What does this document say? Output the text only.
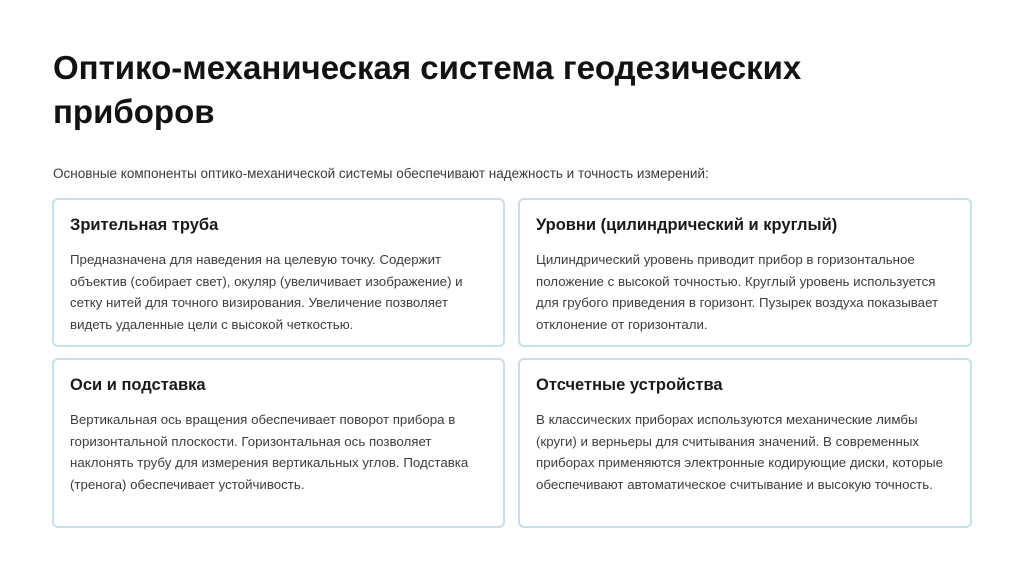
Оптико-механическая система геодезических приборов

Основные компоненты оптико-механической системы обеспечивают надежность и точность измерений:

Зрительная труба

Предназначена для наведения на целевую точку. Содержит объектив (собирает свет), окуляр (увеличивает изображение) и сетку нитей для точного визирования. Увеличение позволяет видеть удаленные цели с высокой четкостью.

Уровни (цилиндрический и круглый)

Цилиндрический уровень приводит прибор в горизонтальное положение с высокой точностью. Круглый уровень используется для грубого приведения в горизонт. Пузырек воздуха показывает отклонение от горизонтали.

Оси и подставка

Вертикальная ось вращения обеспечивает поворот прибора в горизонтальной плоскости. Горизонтальная ось позволяет наклонять трубу для измерения вертикальных углов. Подставка (тренога) обеспечивает устойчивость.

Отсчетные устройства

В классических приборах используются механические лимбы (круги) и верньеры для считывания значений. В современных приборах применяются электронные кодирующие диски, которые обеспечивают автоматическое считывание и высокую точность.
